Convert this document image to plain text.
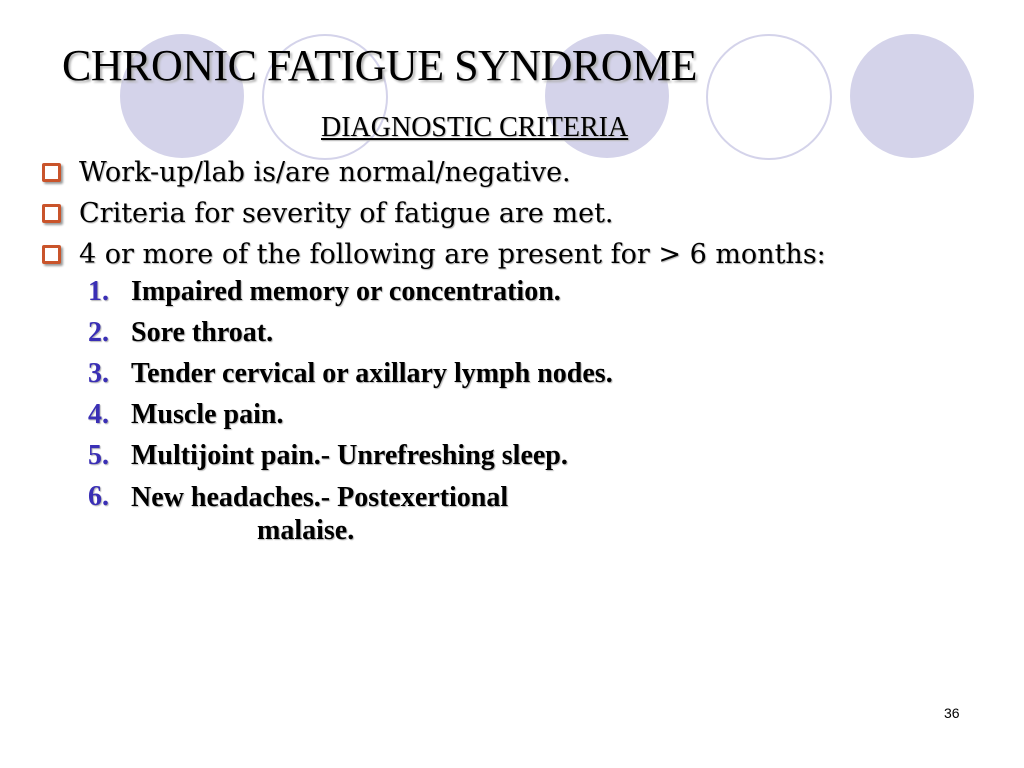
CHRONIC FATIGUE SYNDROME
DIAGNOSTIC CRITERIA
Work-up/lab is/are normal/negative.
Criteria for severity of fatigue are met.
4 or more of the following are present for > 6 months:
1. Impaired memory or concentration.
2. Sore throat.
3. Tender cervical or axillary lymph nodes.
4. Muscle pain.
5. Multijoint pain.- Unrefreshing sleep.
6. New headaches.- Postexertional
malaise.
36
